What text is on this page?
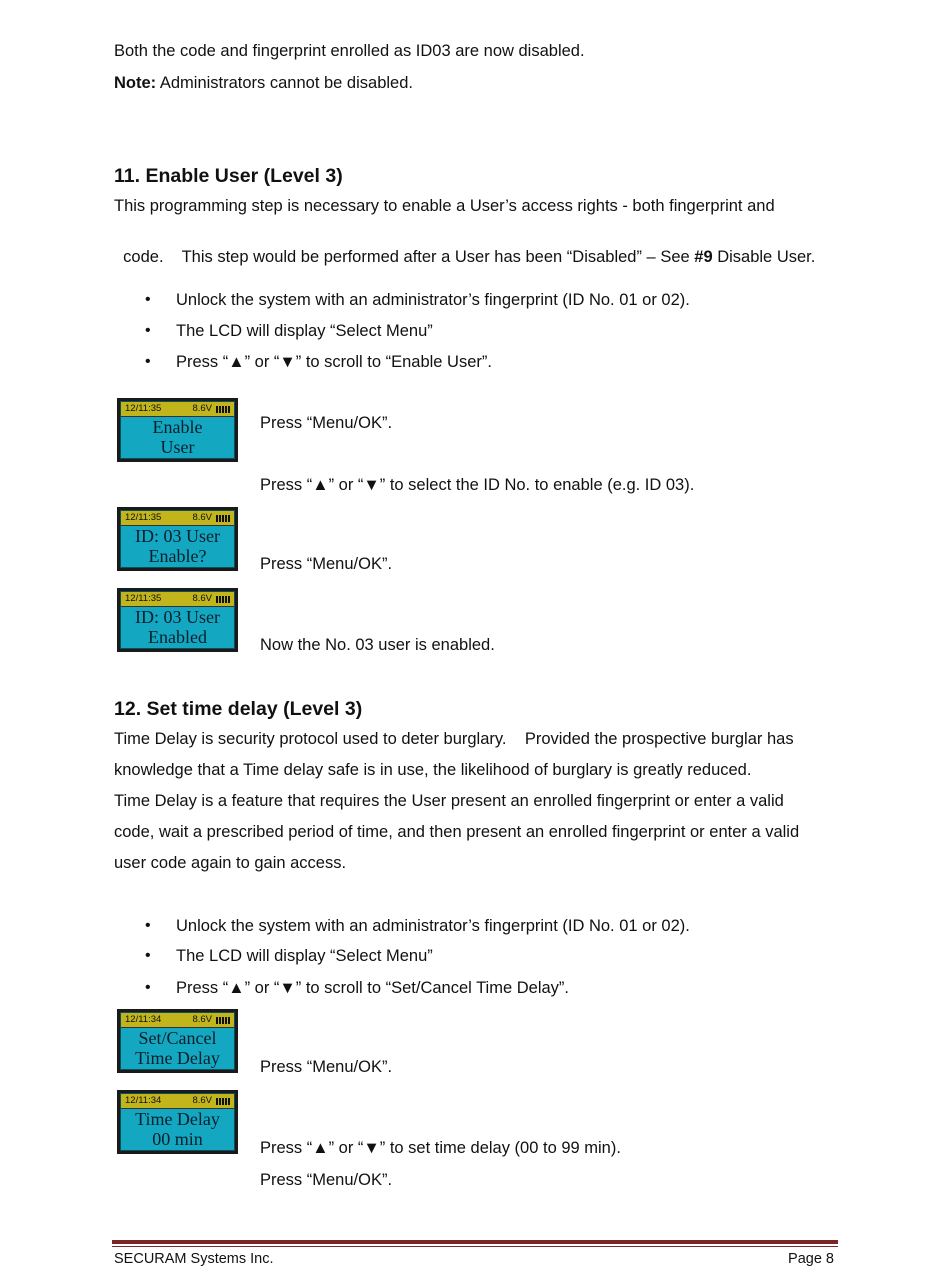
Both the code and fingerprint enrolled as ID03 are now disabled.
Note: Administrators cannot be disabled.
11. Enable User (Level 3)
This programming step is necessary to enable a User’s access rights - both fingerprint and

code.    This step would be performed after a User has been “Disabled” – See #9 Disable User.

• Unlock the system with an administrator’s fingerprint (ID No. 01 or 02).
• The LCD will display “Select Menu”
• Press “▲” or “▼” to scroll to “Enable User”.
12/11:35	8.6V
Enable
User
Press “Menu/OK”.
Press “▲” or “▼” to select the ID No. to enable (e.g. ID 03).
12/11:35	8.6V
ID: 03 User
Enable?	Press “Menu/OK”.
12/11:35	8.6V
ID: 03 User
Enabled	Now the No. 03 user is enabled.
12. Set time delay (Level 3)
Time Delay is security protocol used to deter burglary.    Provided the prospective burglar has
knowledge that a Time delay safe is in use, the likelihood of burglary is greatly reduced.
Time Delay is a feature that requires the User present an enrolled fingerprint or enter a valid
code, wait a prescribed period of time, and then present an enrolled fingerprint or enter a valid
user code again to gain access.
• Unlock the system with an administrator’s fingerprint (ID No. 01 or 02).
• The LCD will display “Select Menu”
• Press “▲” or “▼” to scroll to “Set/Cancel Time Delay”.
12/11:34	8.6V
Set/Cancel
Time Delay	Press “Menu/OK”.
12/11:34	8.6V
Time Delay
00 min	Press “▲” or “▼” to set time delay (00 to 99 min).
Press “Menu/OK”.
SECURAM Systems Inc.	Page 8
